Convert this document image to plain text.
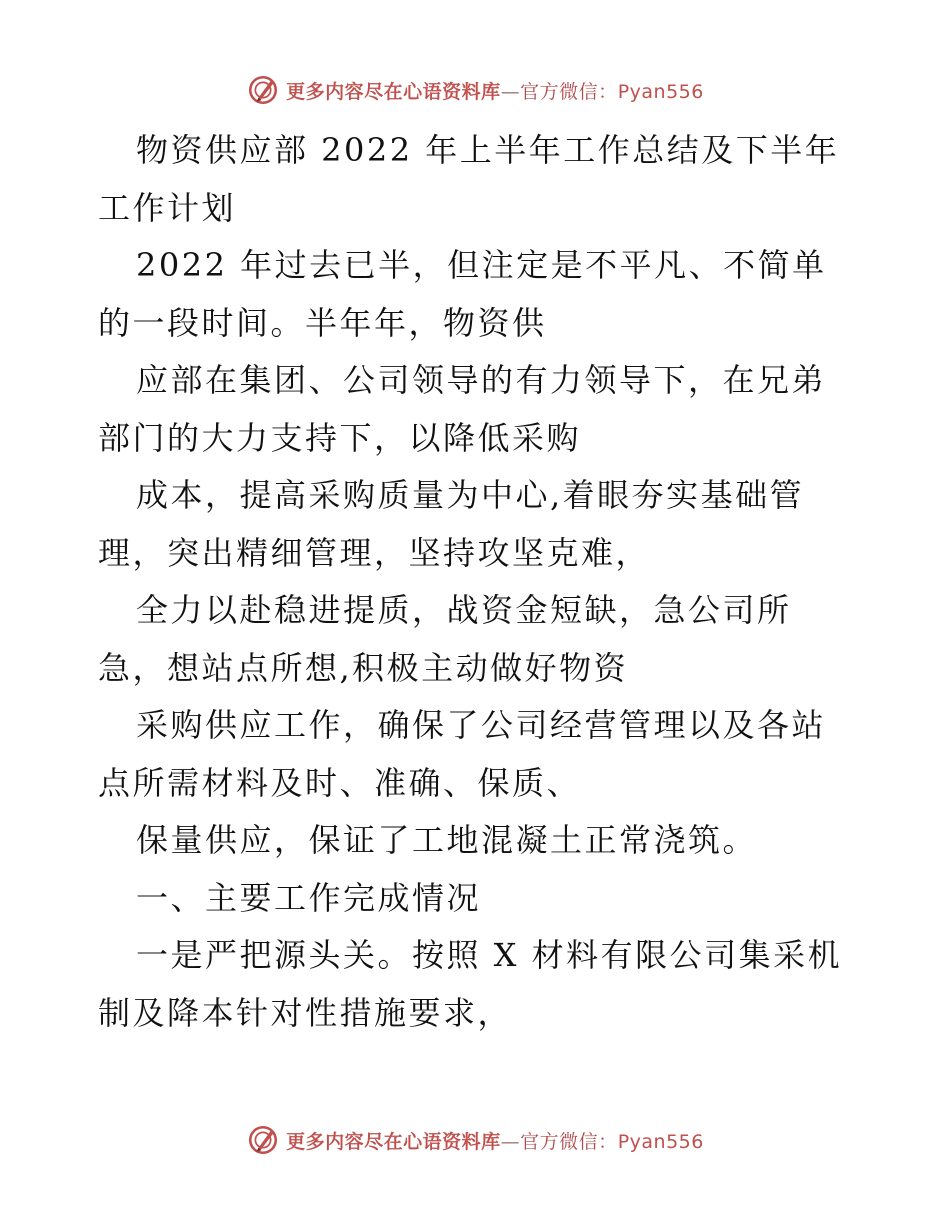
更多内容尽在心语资料库—官方微信：Pyan556

物资供应部 2022 年上半年工作总结及下半年工作计划

2022 年过去已半，但注定是不平凡、不简单的一段时间。半年年，物资供

应部在集团、公司领导的有力领导下，在兄弟部门的大力支持下，以降低采购

成本，提高采购质量为中心,着眼夯实基础管理，突出精细管理，坚持攻坚克难，

全力以赴稳进提质，战资金短缺，急公司所急，想站点所想,积极主动做好物资

采购供应工作，确保了公司经营管理以及各站点所需材料及时、准确、保质、

保量供应，保证了工地混凝土正常浇筑。

一、主要工作完成情况

一是严把源头关。按照 X 材料有限公司集采机制及降本针对性措施要求，

更多内容尽在心语资料库—官方微信：Pyan556
